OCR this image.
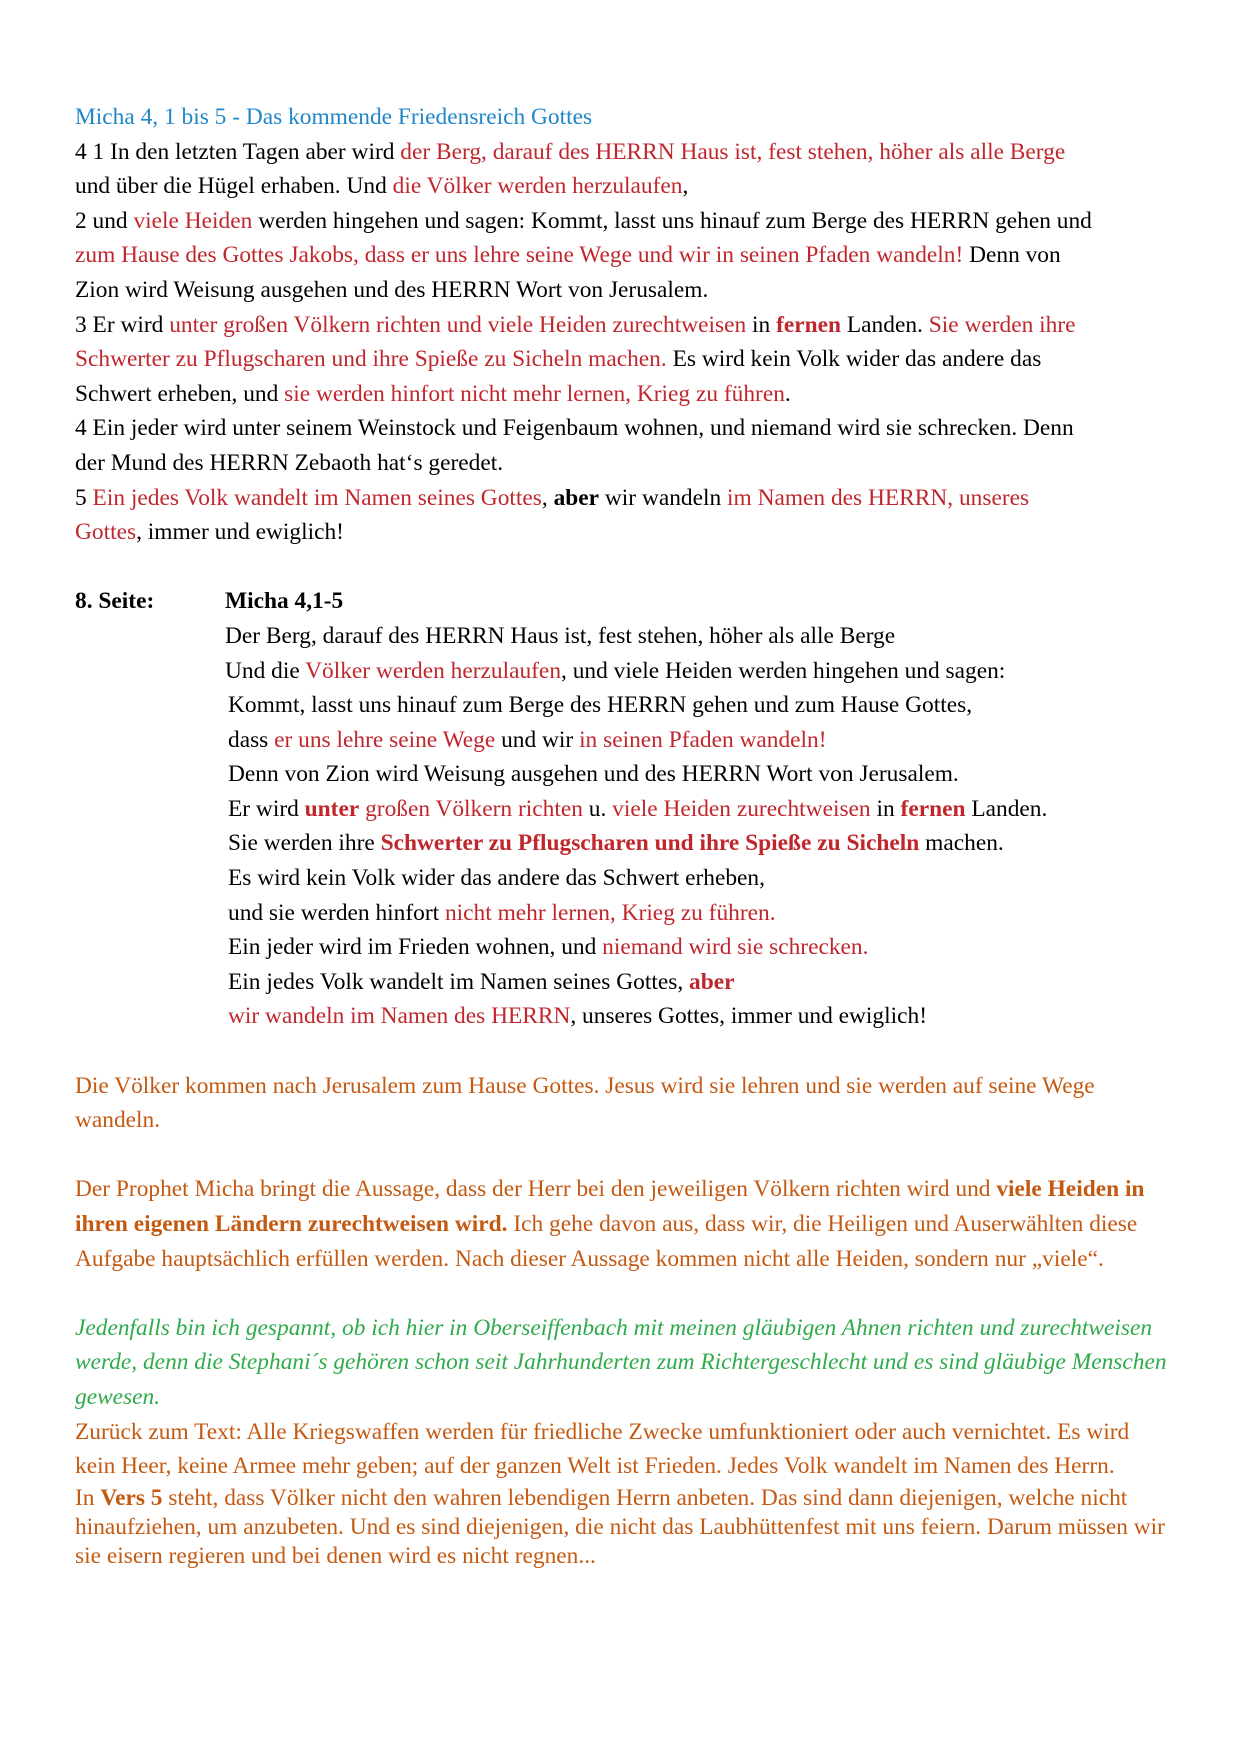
Micha 4, 1 bis 5 - Das kommende Friedensreich Gottes

4 1 In den letzten Tagen aber wird der Berg, darauf des HERRN Haus ist, fest stehen, höher als alle Berge
und über die Hügel erhaben. Und die Völker werden herzulaufen,

2 und viele Heiden werden hingehen und sagen: Kommt, lasst uns hinauf zum Berge des HERRN gehen und
zum Hause des Gottes Jakobs, dass er uns lehre seine Wege und wir in seinen Pfaden wandeln! Denn von
Zion wird Weisung ausgehen und des HERRN Wort von Jerusalem.

3 Er wird unter großen Völkern richten und viele Heiden zurechtweisen in fernen Landen. Sie werden ihre
Schwerter zu Pflugscharen und ihre Spieße zu Sicheln machen. Es wird kein Volk wider das andere das
Schwert erheben, und sie werden hinfort nicht mehr lernen, Krieg zu führen.

4 Ein jeder wird unter seinem Weinstock und Feigenbaum wohnen, und niemand wird sie schrecken. Denn
der Mund des HERRN Zebaoth hat‘s geredet.

5 Ein jedes Volk wandelt im Namen seines Gottes, aber wir wandeln im Namen des HERRN, unseres
Gottes, immer und ewiglich!

8. Seite:	Micha 4,1-5

Der Berg, darauf des HERRN Haus ist, fest stehen, höher als alle Berge

Und die Völker werden herzulaufen, und viele Heiden werden hingehen und sagen:

Kommt, lasst uns hinauf zum Berge des HERRN gehen und zum Hause Gottes,

dass er uns lehre seine Wege und wir in seinen Pfaden wandeln!

Denn von Zion wird Weisung ausgehen und des HERRN Wort von Jerusalem.

Er wird unter großen Völkern richten u. viele Heiden zurechtweisen in fernen Landen.

Sie werden ihre Schwerter zu Pflugscharen und ihre Spieße zu Sicheln machen.

Es wird kein Volk wider das andere das Schwert erheben,

und sie werden hinfort nicht mehr lernen, Krieg zu führen.

Ein jeder wird im Frieden wohnen, und niemand wird sie schrecken.

Ein jedes Volk wandelt im Namen seines Gottes, aber

wir wandeln im Namen des HERRN, unseres Gottes, immer und ewiglich!

Die Völker kommen nach Jerusalem zum Hause Gottes. Jesus wird sie lehren und sie werden auf seine Wege wandeln.

Der Prophet Micha bringt die Aussage, dass der Herr bei den jeweiligen Völkern richten wird und viele Heiden in ihren eigenen Ländern zurechtweisen wird. Ich gehe davon aus, dass wir, die Heiligen und Auserwählten diese Aufgabe hauptsächlich erfüllen werden. Nach dieser Aussage kommen nicht alle Heiden, sondern nur „viele“.

Jedenfalls bin ich gespannt, ob ich hier in Oberseiffenbach mit meinen gläubigen Ahnen richten und zurechtweisen werde, denn die Stephani´s gehören schon seit Jahrhunderten zum Richtergeschlecht und es sind gläubige Menschen gewesen.

Zurück zum Text: Alle Kriegswaffen werden für friedliche Zwecke umfunktioniert oder auch vernichtet. Es wird kein Heer, keine Armee mehr geben; auf der ganzen Welt ist Frieden. Jedes Volk wandelt im Namen des Herrn.

In Vers 5 steht, dass Völker nicht den wahren lebendigen Herrn anbeten. Das sind dann diejenigen, welche nicht hinaufziehen, um anzubeten. Und es sind diejenigen, die nicht das Laubhüttenfest mit uns feiern. Darum müssen wir sie eisern regieren und bei denen wird es nicht regnen...
